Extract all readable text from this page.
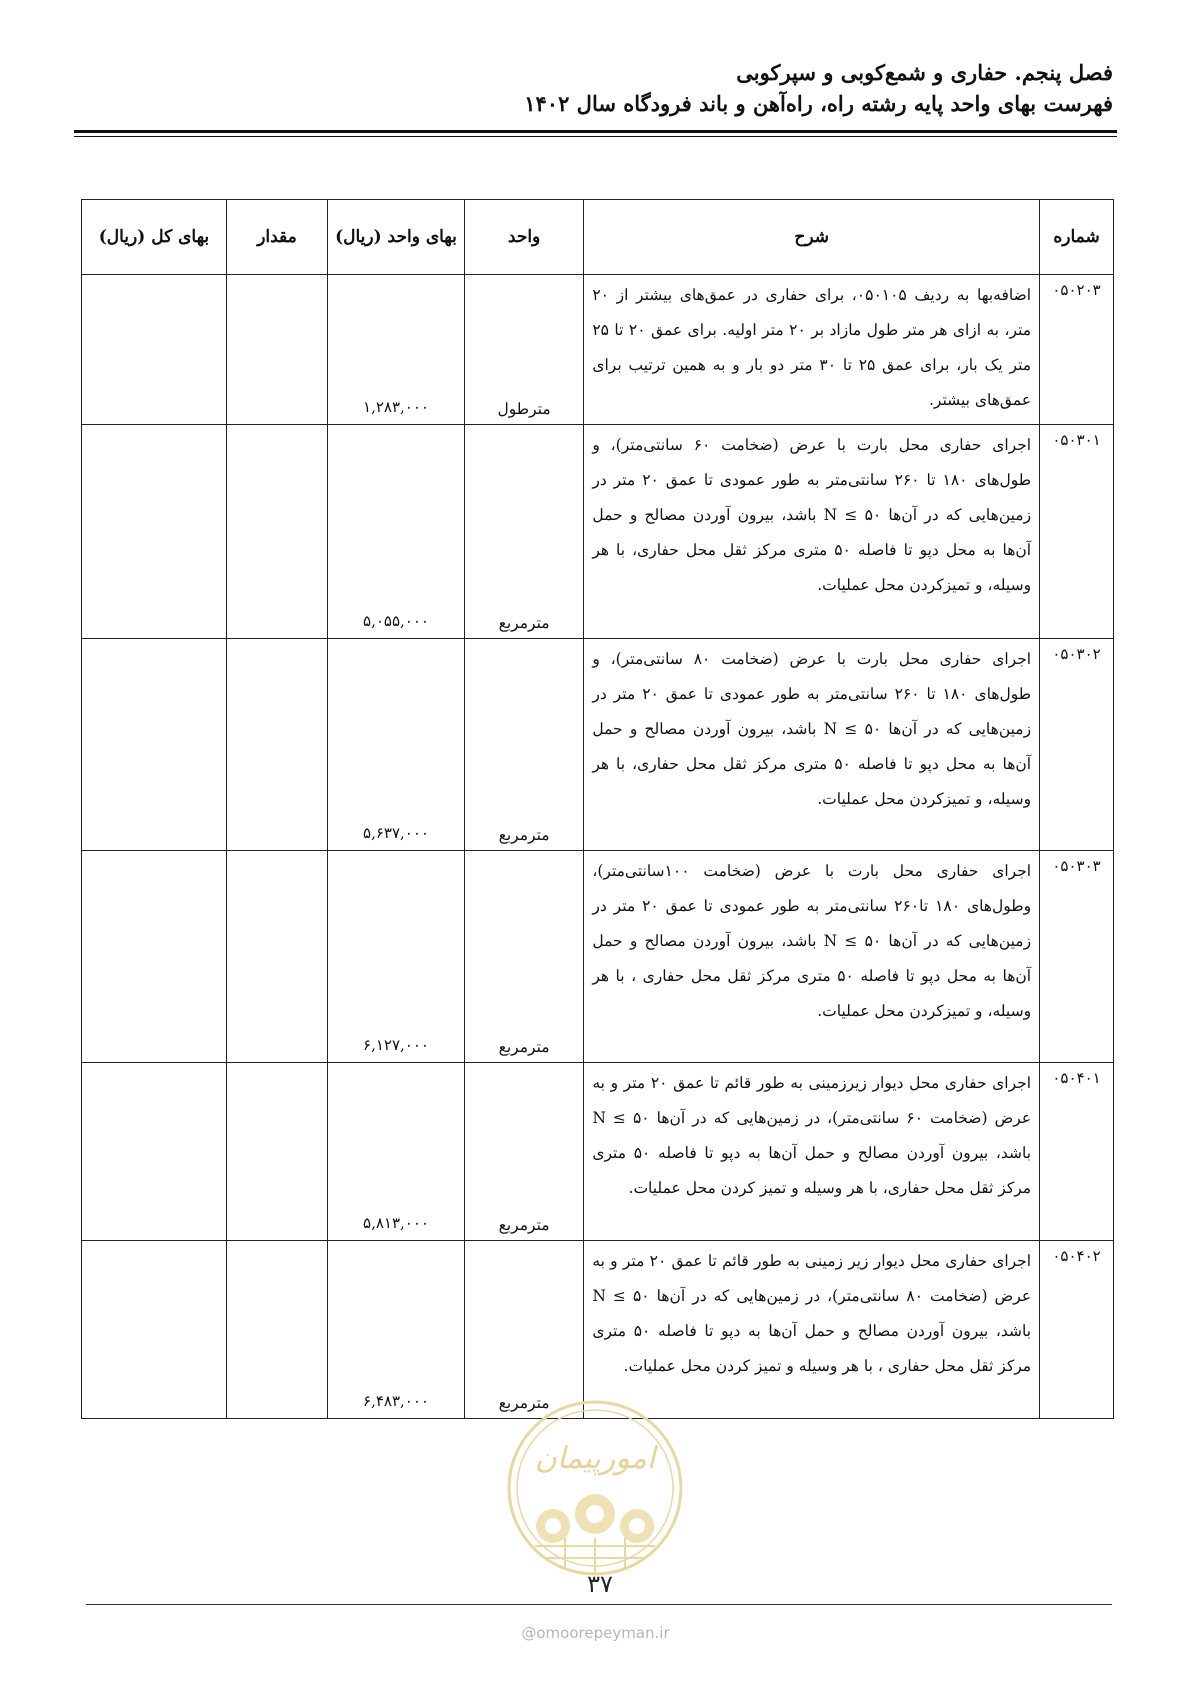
فصل پنجم. حفاری و شمع‌کوبی و سپرکوبی
فهرست بهای واحد پایه رشته راه، راه‌آهن و باند فرودگاه سال ۱۴۰۲
شماره	شرح	واحد	بهای واحد (ریال)	مقدار	بهای کل (ریال)
۰۵۰۲۰۳	اضافه‌بها به ردیف ۰۵۰۱۰۵، برای حفاری در عمق‌های بیشتر از ۲۰ متر، به ازای هر متر طول مازاد بر ۲۰ متر اولیه. برای عمق ۲۰ تا ۲۵ متر یک بار، برای عمق ۲۵ تا ۳۰ متر دو بار و به همین ترتیب برای عمق‌های بیشتر.	مترطول	۱,۲۸۳,۰۰۰		
۰۵۰۳۰۱	اجرای حفاری محل بارت با عرض (ضخامت ۶۰ سانتی‌متر)، و طول‌های ۱۸۰ تا ۲۶۰ سانتی‌متر به طور عمودی تا عمق ۲۰ متر در زمین‌هایی که در آن‌ها ۵۰ ≥ N باشد، بیرون آوردن مصالح و حمل آن‌ها به محل دپو تا فاصله ۵۰ متری مرکز ثقل محل حفاری، با هر وسیله، و تمیزکردن محل عملیات.	مترمربع	۵,۰۵۵,۰۰۰		
۰۵۰۳۰۲	اجرای حفاری محل بارت با عرض (ضخامت ۸۰ سانتی‌متر)، و طول‌های ۱۸۰ تا ۲۶۰ سانتی‌متر به طور عمودی تا عمق ۲۰ متر در زمین‌هایی که در آن‌ها ۵۰ ≥ N باشد، بیرون آوردن مصالح و حمل آن‌ها به محل دپو تا فاصله ۵۰ متری مرکز ثقل محل حفاری، با هر وسیله، و تمیزکردن محل عملیات.	مترمربع	۵,۶۳۷,۰۰۰		
۰۵۰۳۰۳	اجرای حفاری محل بارت با عرض (ضخامت ۱۰۰سانتی‌متر)، وطول‌های ۱۸۰ تا۲۶۰ سانتی‌متر به طور عمودی تا عمق ۲۰ متر در زمین‌هایی که در آن‌ها ۵۰ ≥ N باشد، بیرون آوردن مصالح و حمل آن‌ها به محل دپو تا فاصله ۵۰ متری مرکز ثقل محل حفاری ، با هر وسیله، و تمیزکردن محل عملیات.	مترمربع	۶,۱۲۷,۰۰۰		
۰۵۰۴۰۱	اجرای حفاری محل دیوار زیرزمینی به طور قائم تا عمق ۲۰ متر و به عرض (ضخامت ۶۰ سانتی‌متر)، در زمین‌هایی که در آن‌ها ۵۰ ≥ N باشد، بیرون آوردن مصالح و حمل آن‌ها به دپو تا فاصله ۵۰ متری مرکز ثقل محل حفاری، با هر وسیله و تمیز کردن محل عملیات.	مترمربع	۵,۸۱۳,۰۰۰		
۰۵۰۴۰۲	اجرای حفاری محل دیوار زیر زمینی به طور قائم تا عمق ۲۰ متر و به عرض (ضخامت ۸۰ سانتی‌متر)، در زمین‌هایی که در آن‌ها ۵۰ ≥ N باشد، بیرون آوردن مصالح و حمل آن‌ها به دپو تا فاصله ۵۰ متری مرکز ثقل محل حفاری ، با هر وسیله و تمیز کردن محل عملیات.	مترمربع	۶,۴۸۳,۰۰۰		
امورپیمان
۳۷
@omoorepeyman.ir
